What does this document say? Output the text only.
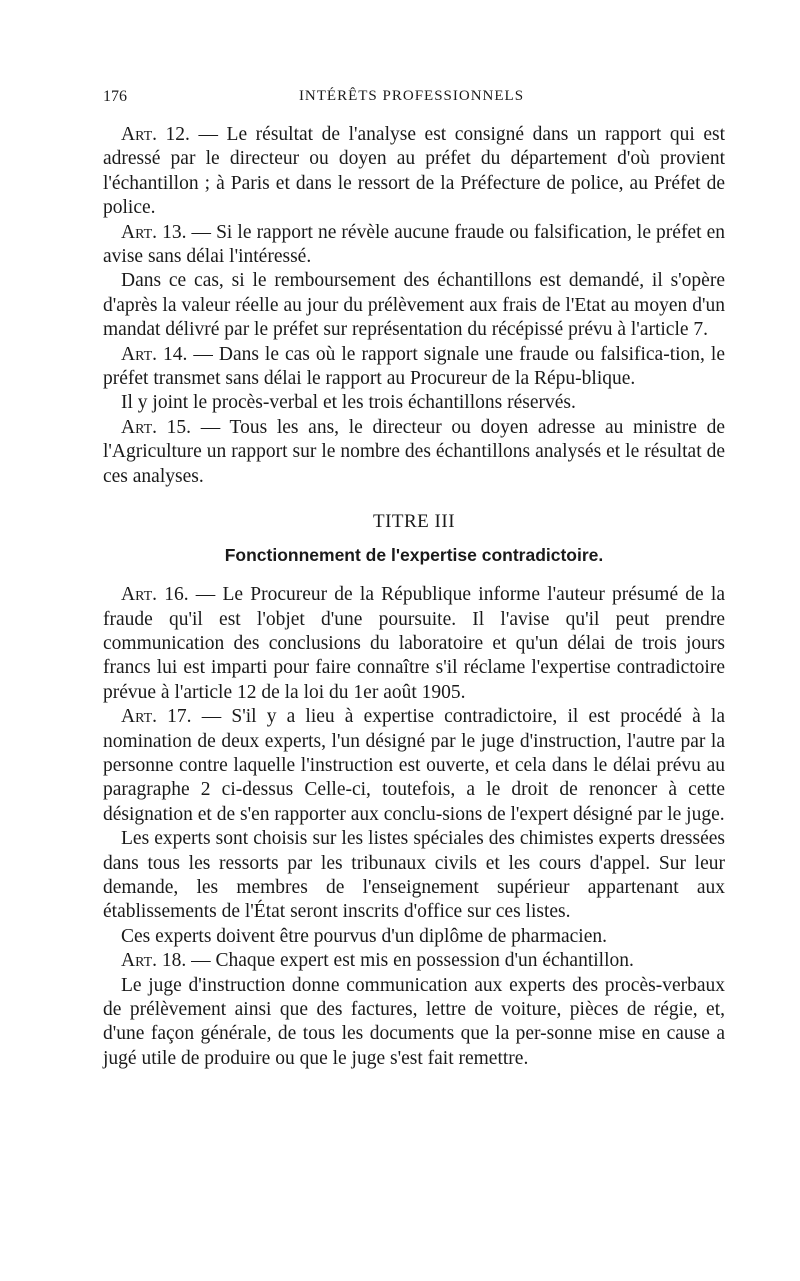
176	INTÉRÊTS PROFESSIONNELS

Art. 12. — Le résultat de l'analyse est consigné dans un rapport qui est adressé par le directeur ou doyen au préfet du département d'où provient l'échantillon ; à Paris et dans le ressort de la Préfecture de police, au Préfet de police.

Art. 13. — Si le rapport ne révèle aucune fraude ou falsification, le préfet en avise sans délai l'intéressé.

Dans ce cas, si le remboursement des échantillons est demandé, il s'opère d'après la valeur réelle au jour du prélèvement aux frais de l'Etat au moyen d'un mandat délivré par le préfet sur représentation du récépissé prévu à l'article 7.

Art. 14. — Dans le cas où le rapport signale une fraude ou falsifica-tion, le préfet transmet sans délai le rapport au Procureur de la Répu-blique.

Il y joint le procès-verbal et les trois échantillons réservés.

Art. 15. — Tous les ans, le directeur ou doyen adresse au ministre de l'Agriculture un rapport sur le nombre des échantillons analysés et le résultat de ces analyses.

TITRE III
Fonctionnement de l'expertise contradictoire.

Art. 16. — Le Procureur de la République informe l'auteur présumé de la fraude qu'il est l'objet d'une poursuite. Il l'avise qu'il peut prendre communication des conclusions du laboratoire et qu'un délai de trois jours francs lui est imparti pour faire connaître s'il réclame l'expertise contradictoire prévue à l'article 12 de la loi du 1er août 1905.

Art. 17. — S'il y a lieu à expertise contradictoire, il est procédé à la nomination de deux experts, l'un désigné par le juge d'instruction, l'autre par la personne contre laquelle l'instruction est ouverte, et cela dans le délai prévu au paragraphe 2 ci-dessus Celle-ci, toutefois, a le droit de renoncer à cette désignation et de s'en rapporter aux conclu-sions de l'expert désigné par le juge.

Les experts sont choisis sur les listes spéciales des chimistes experts dressées dans tous les ressorts par les tribunaux civils et les cours d'appel. Sur leur demande, les membres de l'enseignement supérieur appartenant aux établissements de l'État seront inscrits d'office sur ces listes.

Ces experts doivent être pourvus d'un diplôme de pharmacien.

Art. 18. — Chaque expert est mis en possession d'un échantillon.

Le juge d'instruction donne communication aux experts des procès-verbaux de prélèvement ainsi que des factures, lettre de voiture, pièces de régie, et, d'une façon générale, de tous les documents que la per-sonne mise en cause a jugé utile de produire ou que le juge s'est fait remettre.
